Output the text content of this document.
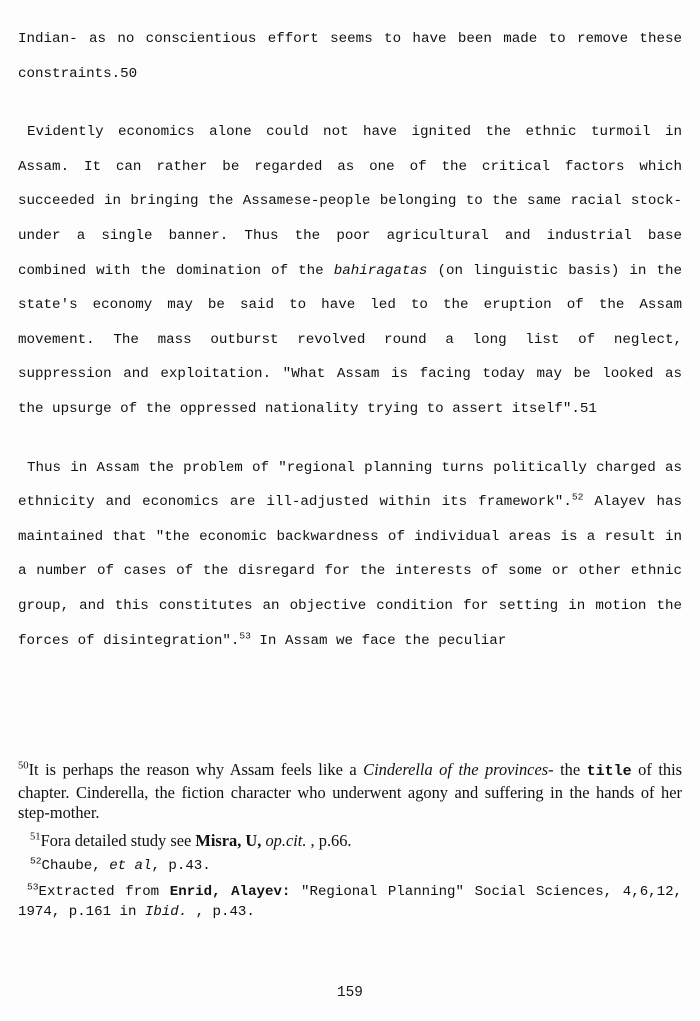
Indian- as no conscientious effort seems to have been made to remove these constraints.50

Evidently economics alone could not have ignited the ethnic turmoil in Assam. It can rather be regarded as one of the critical factors which succeeded in bringing the Assamese-people belonging to the same racial stock-under a single banner. Thus the poor agricultural and industrial base combined with the domination of the bahiragatas (on linguistic basis) in the state's economy may be said to have led to the eruption of the Assam movement. The mass outburst revolved round a long list of neglect, suppression and exploitation. "What Assam is facing today may be looked as the upsurge of the oppressed nationality trying to assert itself".51

Thus in Assam the problem of "regional planning turns politically charged as ethnicity and economics are ill-adjusted within its framework".$^{52}$ Alayev has maintained that "the economic backwardness of individual areas is a result in a number of cases of the disregard for the interests of some or other ethnic group, and this constitutes an objective condition for setting in motion the forces of disintegration".$^{53}$ In Assam we face the peculiar

$^{50}$It is perhaps the reason why Assam feels like a Cinderella of the provinces- the title of this chapter. Cinderella, the fiction character who underwent agony and suffering in the hands of her step-mother.

$^{51}$Fora detailed study see Misra, U, op.cit. , p.66.

$^{52}$Chaube, et al, p.43.

$^{53}$Extracted from Enrid, Alayev: "Regional Planning" Social Sciences, 4,6,12, 1974, p.161 in Ibid. , p.43.

159
